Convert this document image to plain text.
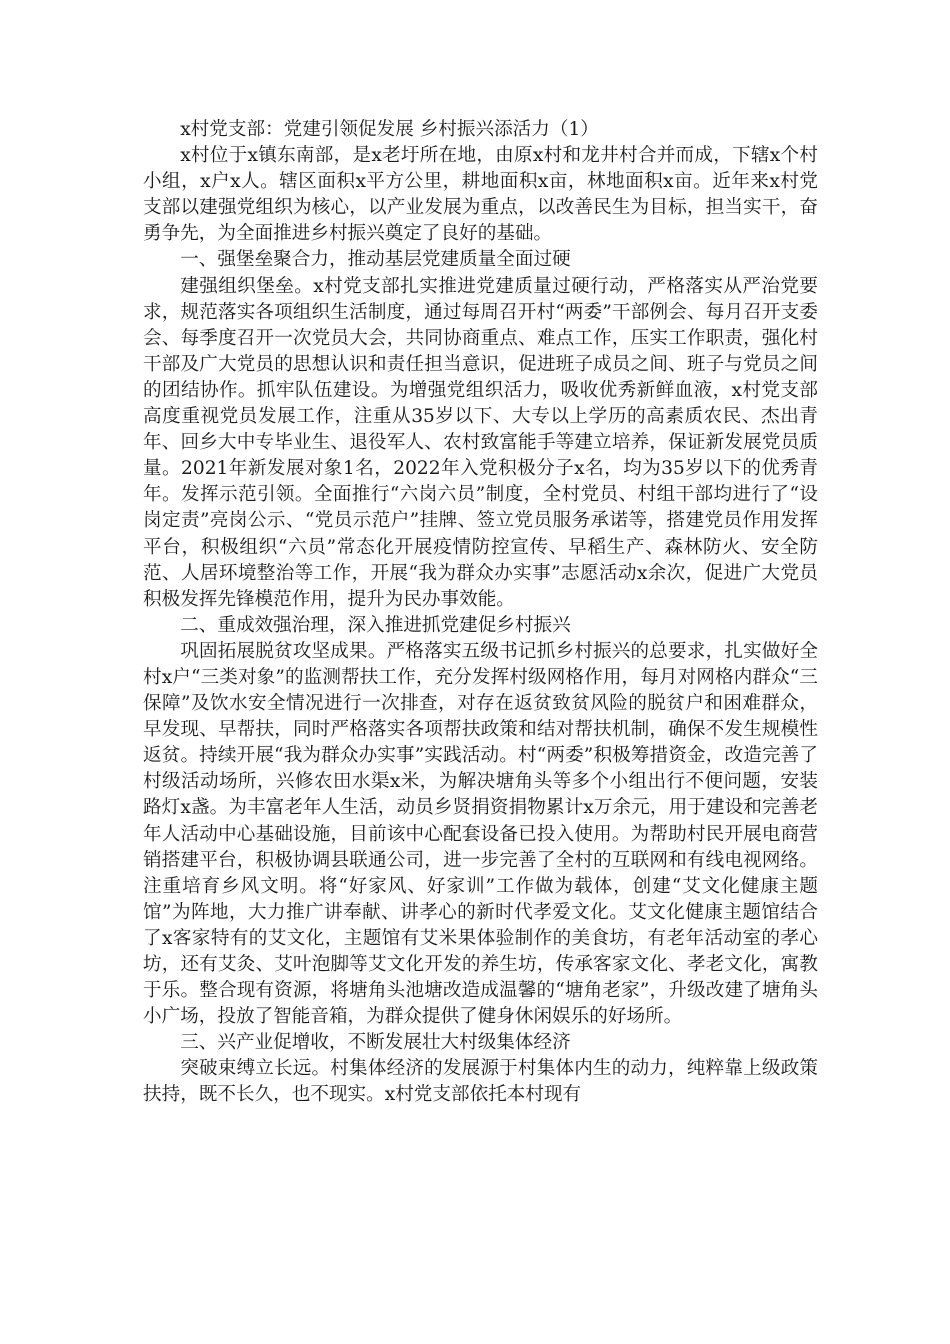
x村党支部：党建引领促发展 乡村振兴添活力（1）

x村位于x镇东南部，是x老圩所在地，由原x村和龙井村合并而成，下辖x个村小组，x户x人。辖区面积x平方公里，耕地面积x亩，林地面积x亩。近年来x村党支部以建强党组织为核心，以产业发展为重点，以改善民生为目标，担当实干，奋勇争先，为全面推进乡村振兴奠定了良好的基础。

一、强堡垒聚合力，推动基层党建质量全面过硬

建强组织堡垒。x村党支部扎实推进党建质量过硬行动，严格落实从严治党要求，规范落实各项组织生活制度，通过每周召开村“两委”干部例会、每月召开支委会、每季度召开一次党员大会，共同协商重点、难点工作，压实工作职责，强化村干部及广大党员的思想认识和责任担当意识，促进班子成员之间、班子与党员之间的团结协作。抓牢队伍建设。为增强党组织活力，吸收优秀新鲜血液，x村党支部高度重视党员发展工作，注重从35岁以下、大专以上学历的高素质农民、杰出青年、回乡大中专毕业生、退役军人、农村致富能手等建立培养，保证新发展党员质量。2021年新发展对象1名，2022年入党积极分子x名，均为35岁以下的优秀青年。发挥示范引领。全面推行“六岗六员”制度，全村党员、村组干部均进行了“设岗定责”亮岗公示、“党员示范户”挂牌、签立党员服务承诺等，搭建党员作用发挥平台，积极组织“六员”常态化开展疫情防控宣传、早稻生产、森林防火、安全防范、人居环境整治等工作，开展“我为群众办实事”志愿活动x余次，促进广大党员积极发挥先锋模范作用，提升为民办事效能。

二、重成效强治理，深入推进抓党建促乡村振兴

巩固拓展脱贫攻坚成果。严格落实五级书记抓乡村振兴的总要求，扎实做好全村x户“三类对象”的监测帮扶工作，充分发挥村级网格作用，每月对网格内群众“三保障”及饮水安全情况进行一次排查，对存在返贫致贫风险的脱贫户和困难群众，早发现、早帮扶，同时严格落实各项帮扶政策和结对帮扶机制，确保不发生规模性返贫。持续开展“我为群众办实事”实践活动。村“两委”积极筹措资金，改造完善了村级活动场所，兴修农田水渠x米，为解决塘角头等多个小组出行不便问题，安装路灯x盏。为丰富老年人生活，动员乡贤捐资捐物累计x万余元，用于建设和完善老年人活动中心基础设施，目前该中心配套设备已投入使用。为帮助村民开展电商营销搭建平台，积极协调县联通公司，进一步完善了全村的互联网和有线电视网络。注重培育乡风文明。将“好家风、好家训”工作做为载体，创建“艾文化健康主题馆”为阵地，大力推广讲奉献、讲孝心的新时代孝爱文化。艾文化健康主题馆结合了x客家特有的艾文化，主题馆有艾米果体验制作的美食坊，有老年活动室的孝心坊，还有艾灸、艾叶泡脚等艾文化开发的养生坊，传承客家文化、孝老文化，寓教于乐。整合现有资源，将塘角头池塘改造成温馨的“塘角老家”，升级改建了塘角头小广场，投放了智能音箱，为群众提供了健身休闲娱乐的好场所。

三、兴产业促增收，不断发展壮大村级集体经济

突破束缚立长远。村集体经济的发展源于村集体内生的动力，纯粹靠上级政策扶持，既不长久，也不现实。x村党支部依托本村现有
